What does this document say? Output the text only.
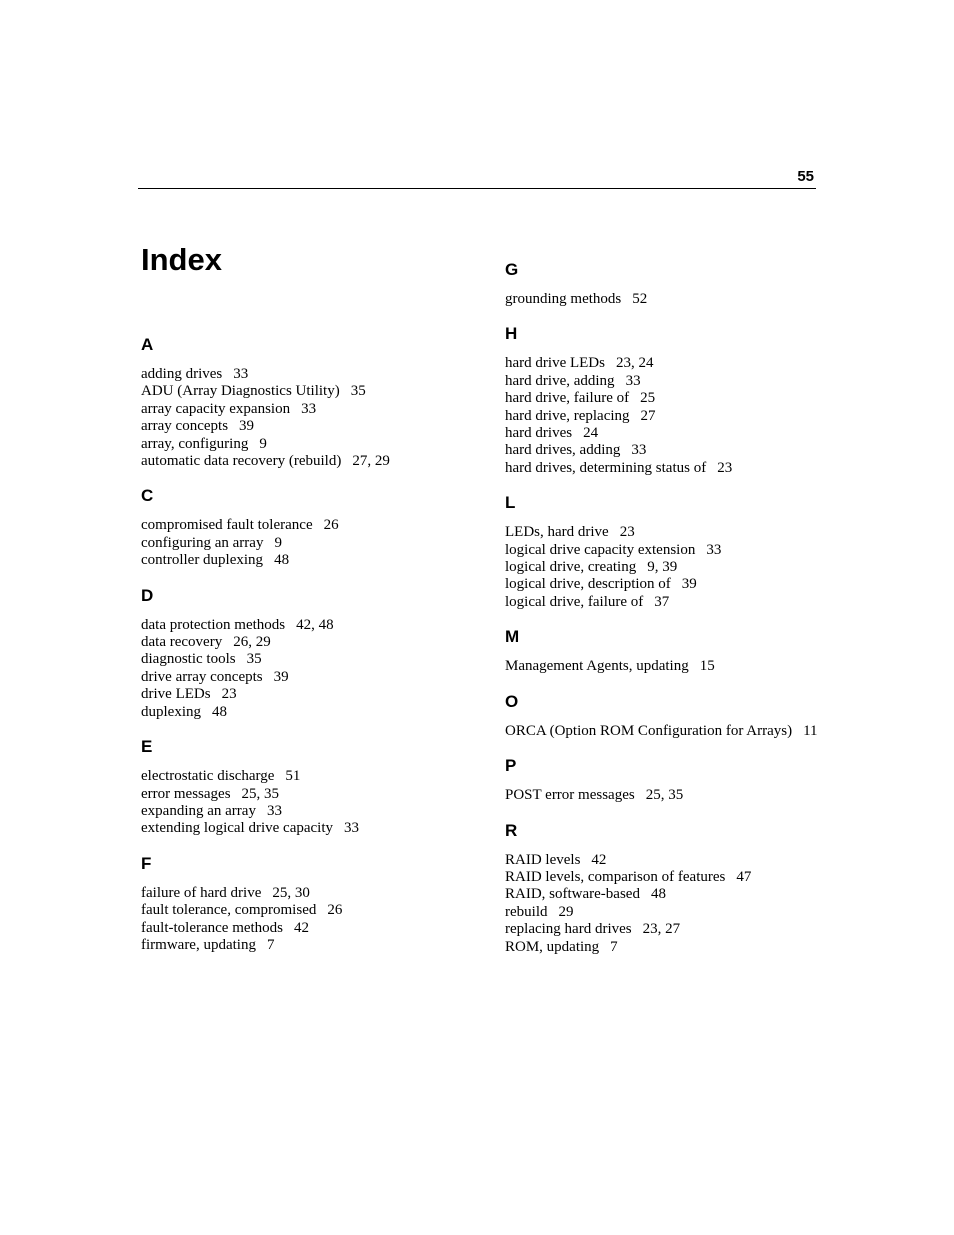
55
Index
A
adding drives 33
ADU (Array Diagnostics Utility) 35
array capacity expansion 33
array concepts 39
array, configuring 9
automatic data recovery (rebuild) 27, 29
C
compromised fault tolerance 26
configuring an array 9
controller duplexing 48
D
data protection methods 42, 48
data recovery 26, 29
diagnostic tools 35
drive array concepts 39
drive LEDs 23
duplexing 48
E
electrostatic discharge 51
error messages 25, 35
expanding an array 33
extending logical drive capacity 33
F
failure of hard drive 25, 30
fault tolerance, compromised 26
fault-tolerance methods 42
firmware, updating 7
G
grounding methods 52
H
hard drive LEDs 23, 24
hard drive, adding 33
hard drive, failure of 25
hard drive, replacing 27
hard drives 24
hard drives, adding 33
hard drives, determining status of 23
L
LEDs, hard drive 23
logical drive capacity extension 33
logical drive, creating 9, 39
logical drive, description of 39
logical drive, failure of 37
M
Management Agents, updating 15
O
ORCA (Option ROM Configuration for Arrays) 11
P
POST error messages 25, 35
R
RAID levels 42
RAID levels, comparison of features 47
RAID, software-based 48
rebuild 29
replacing hard drives 23, 27
ROM, updating 7
